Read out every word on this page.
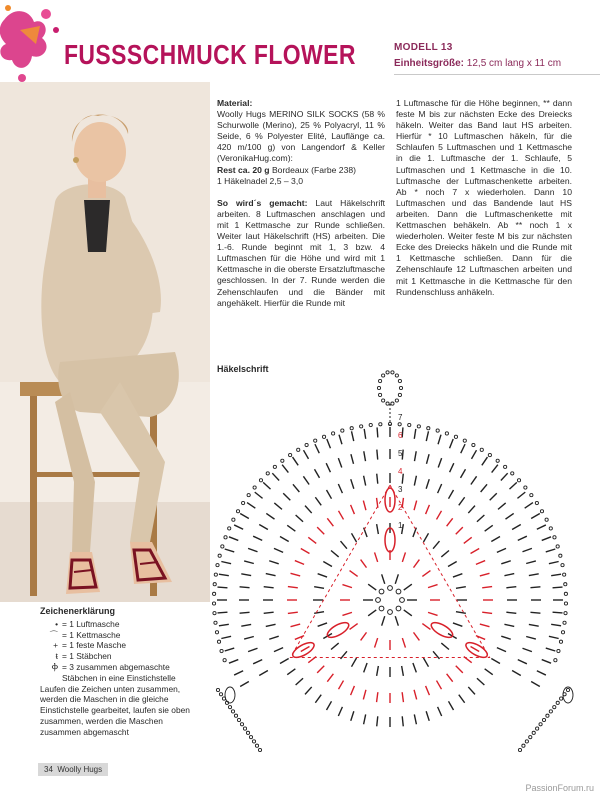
FUSSSCHMUCK FLOWER	MODELL 13
Einheitsgröße: 12,5 cm lang x 11 cm

Material:

Woolly Hugs MERINO SILK SOCKS (58 % Schurwolle (Merino), 25 % Polyacryl, 11 % Seide, 6 % Polyester Elité, Lauflänge ca. 420 m/100 g) von Langendorf & Keller (VeronikaHug.com):

Rest ca. 20 g Bordeaux (Farbe 238)

1 Häkelnadel 2,5 – 3,0

So wird´s gemacht: Laut Häkelschrift arbeiten. 8 Luftmaschen anschlagen und mit 1 Kettmasche zur Runde schließen. Weiter laut Häkelschrift (HS) arbeiten. Die 1.-6. Runde beginnt mit 1, 3 bzw. 4 Luftmaschen für die Höhe und wird mit 1 Kettmasche in die oberste Ersatzluftmasche geschlossen. In der 7. Runde werden die Zehenschlaufen und die Bänder mit angehäkelt. Hierfür die Runde mit

1 Luftmasche für die Höhe beginnen, ** dann feste M bis zur nächsten Ecke des Dreiecks häkeln. Weiter das Band laut HS arbeiten. Hierfür * 10 Luftmaschen häkeln, für die Schlaufen 5 Luftmaschen und 1 Kettmasche in die 1. Luftmasche der 1. Schlaufe, 5 Luftmaschen und 1 Kettmasche in die 10. Luftmasche der Luftmaschenkette arbeiten. Ab * noch 7 x wiederholen. Dann 10 Luftmaschen und das Bandende laut HS arbeiten. Dann die Luftmaschenkette mit Kettmaschen behäkeln. Ab ** noch 1 x wiederholen. Weiter feste M bis zur nächsten Ecke des Dreiecks häkeln und die Runde mit 1 Kettmasche schließen. Dann für die Zehenschlaufe 12 Luftmaschen arbeiten und mit 1 Kettmasche in die Kettmasche für den Rundenschluss anhäkeln.

Häkelschrift
7
6
5
4
3
2
1
Zeichenerklärung
• = 1 Luftmasche
⌒ = 1 Kettmasche
+ = 1 feste Masche
ŧ = 1 Stäbchen
Ⲫ = 3 zusammen abgemaschte
Stäbchen in eine Einstichstelle
Laufen die Zeichen unten zusammen, werden die Maschen in die gleiche Einstichstelle gearbeitet, laufen sie oben zusammen, werden die Maschen zusammen abgemascht
34 Woolly Hugs
PassionForum.ru
